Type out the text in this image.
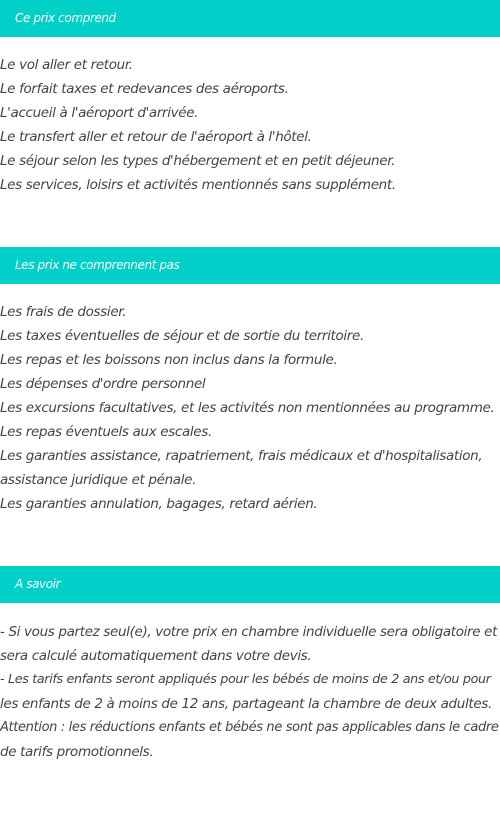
Ce prix comprend
Le vol aller et retour.
Le forfait taxes et redevances des aéroports.
L'accueil à l'aéroport d'arrivée.
Le transfert aller et retour de l'aéroport à l'hôtel.
Le séjour selon les types d'hébergement et en petit déjeuner.
Les services, loisirs et activités mentionnés sans supplément.
Les prix ne comprennent pas
Les frais de dossier.
Les taxes éventuelles de séjour et de sortie du territoire.
Les repas et les boissons non inclus dans la formule.
Les dépenses d'ordre personnel
Les excursions facultatives, et les activités non mentionnées au programme.
Les repas éventuels aux escales.
Les garanties assistance, rapatriement, frais médicaux et d'hospitalisation,
assistance juridique et pénale.
Les garanties annulation, bagages, retard aérien.
A savoir
- Si vous partez seul(e), votre prix en chambre individuelle sera obligatoire et
sera calculé automatiquement dans votre devis.
- Les tarifs enfants seront appliqués pour les bébés de moins de 2 ans et/ou pour
les enfants de 2 à moins de 12 ans, partageant la chambre de deux adultes.
Attention : les réductions enfants et bébés ne sont pas applicables dans le cadre
de tarifs promotionnels.
